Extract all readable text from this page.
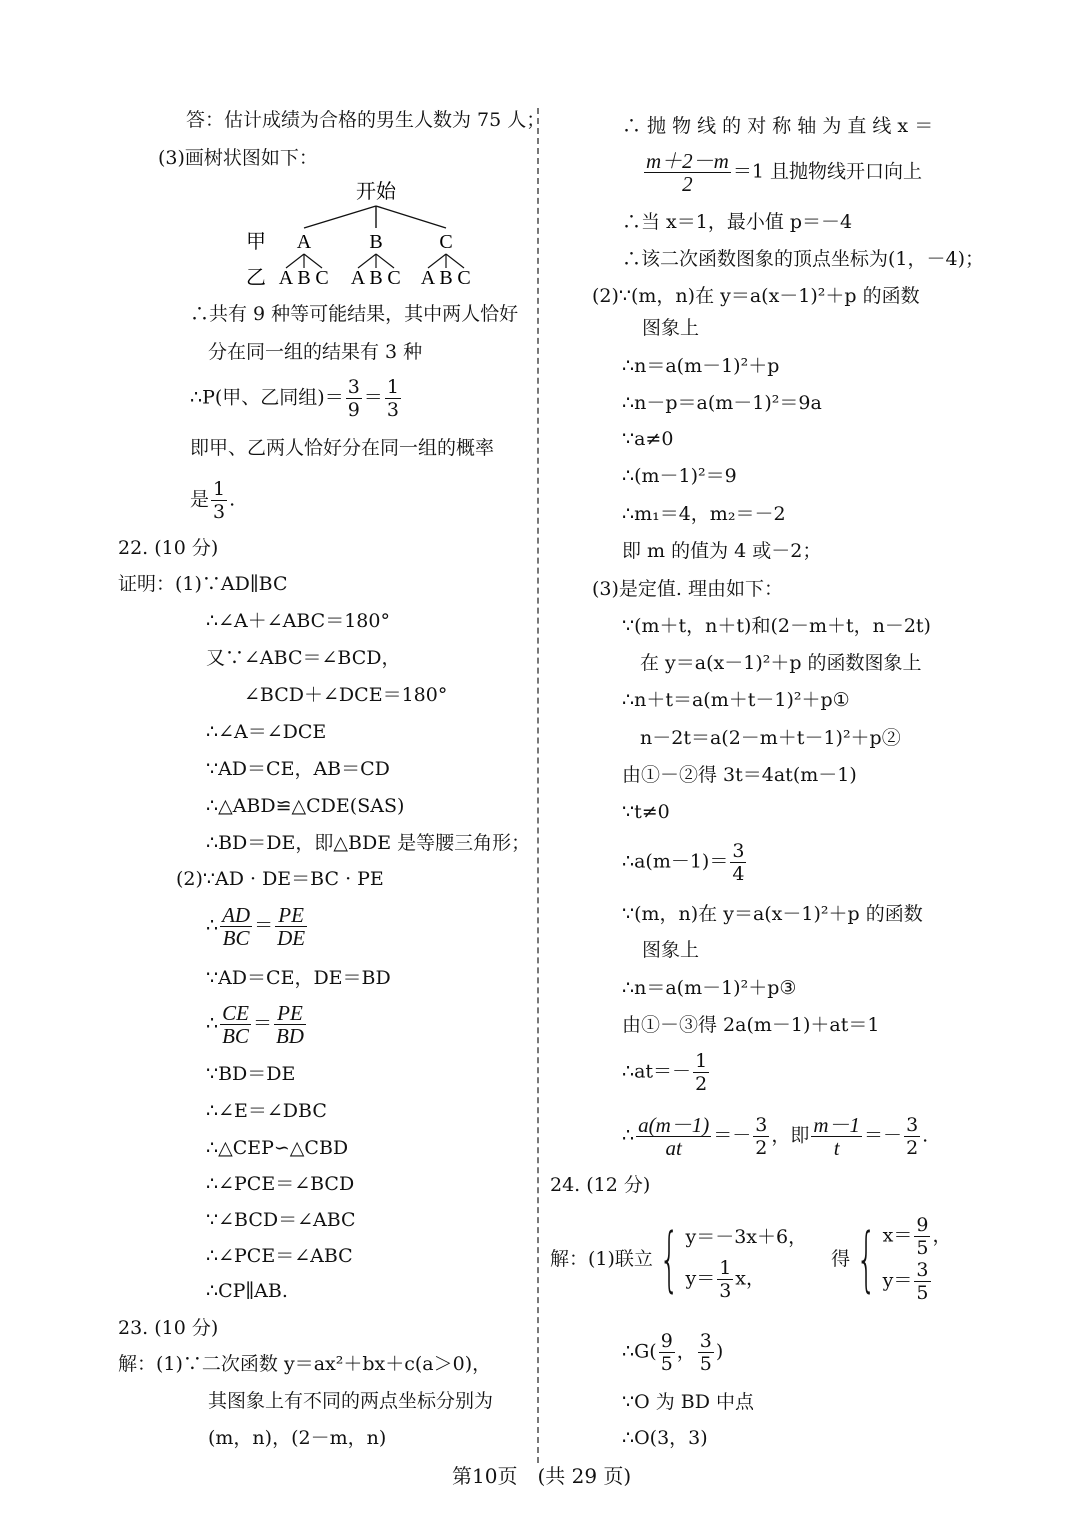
答：估计成绩为合格的男生人数为 75 人；
(3)画树状图如下：
开始
甲 A	B	C
乙 A B C A B C A B C
∴共有 9 种等可能结果，其中两人恰好
分在同一组的结果有 3 种
∴P(甲、乙同组)＝ $\frac{3}{9} = \frac{1}{3}$
即甲、乙两人恰好分在同一组的概率
是 $\frac{1}{3}$ .
22. (10 分)
证明：(1)∵AD∥BC
∴∠A＋∠ABC＝180°
又∵∠ABC＝∠BCD，
∠BCD＋∠DCE＝180°
∴∠A＝∠DCE
∵AD＝CE，AB＝CD
∴△ABD≌△CDE(SAS)
∴BD＝DE，即△BDE 是等腰三角形；
(2)∵AD · DE＝BC · PE
∴ $\frac{AD}{BC} = \frac{PE}{DE}$
∵AD＝CE，DE＝BD
∴ $\frac{CE}{BC} = \frac{PE}{BD}$
∵BD＝DE
∴∠E＝∠DBC
∴△CEP∽△CBD
∴∠PCE＝∠BCD
∵∠BCD＝∠ABC
∴∠PCE＝∠ABC
∴CP∥AB.
23. (10 分)
解：(1)∵二次函数 y＝ax²＋bx＋c(a＞0)，
其图象上有不同的两点坐标分别为
(m，n)，(2－m，n)
∴ 抛 物 线 的 对 称 轴 为 直 线 x ＝
$\frac{m+2-m}{2} =1$ 且抛物线开口向上
∴当 x＝1，最小值 p＝－4
∴该二次函数图象的顶点坐标为(1，－4)；
(2)∵(m，n)在 y＝a(x－1)²＋p 的函数
图象上
∴n＝a(m－1)²＋p
∴n－p＝a(m－1)²＝9a
∵a≠0
∴(m－1)²＝9
∴m₁＝4，m₂＝－2
即 m 的值为 4 或－2；
(3)是定值. 理由如下：
∵(m＋t，n＋t)和(2－m＋t，n－2t)
在 y＝a(x－1)²＋p 的函数图象上
∴n＋t＝a(m＋t－1)²＋p①
n－2t＝a(2－m＋t－1)²＋p②
由①－②得 3t＝4at(m－1)
∵t≠0
∴a(m－1)＝ $\frac{3}{4}$
∵(m，n)在 y＝a(x－1)²＋p 的函数
图象上
∴n＝a(m－1)²＋p③
由①－③得 2a(m－1)＋at＝1
∴at＝－ $\frac{1}{2}$
∴ $\frac{a(m-1)}{at} =- \frac{3}{2}$ ，即 $\frac{m-1}{t} =- \frac{3}{2}$ .
24. (12 分)
解：(1)联立{ y＝－3x＋6，
$y= \frac{1}{3}$ x，
得{ $x= \frac{9}{5}$ ，
$y= \frac{3}{5}$
∴G( $\frac{9}{5}$ ， $\frac{3}{5}$ )
∵O 为 BD 中点
∴O(3，3)
第10页　(共 29 页)
